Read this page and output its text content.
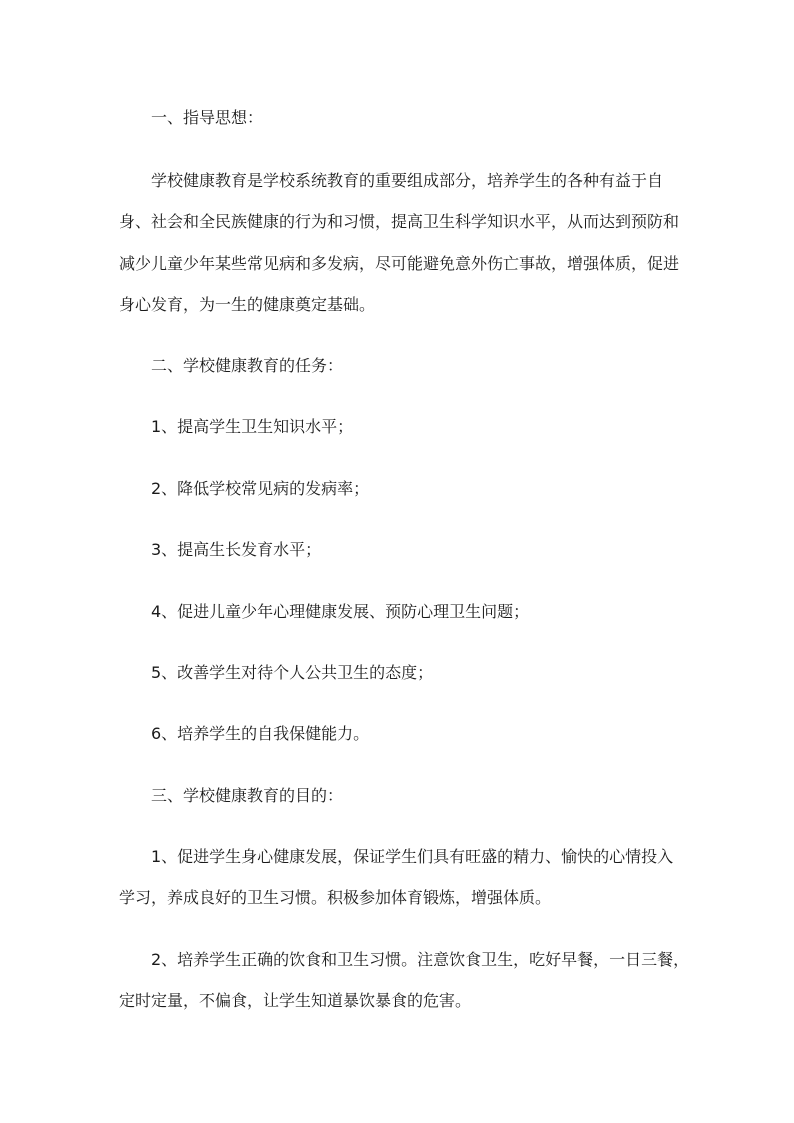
一、指导思想：
学校健康教育是学校系统教育的重要组成部分，培养学生的各种有益于自
身、社会和全民族健康的行为和习惯，提高卫生科学知识水平，从而达到预防和
减少儿童少年某些常见病和多发病，尽可能避免意外伤亡事故，增强体质，促进
身心发育，为一生的健康奠定基础。
二、学校健康教育的任务：
1、提高学生卫生知识水平；
2、降低学校常见病的发病率；
3、提高生长发育水平；
4、促进儿童少年心理健康发展、预防心理卫生问题；
5、改善学生对待个人公共卫生的态度；
6、培养学生的自我保健能力。
三、学校健康教育的目的：
1、促进学生身心健康发展，保证学生们具有旺盛的精力、愉快的心情投入
学习，养成良好的卫生习惯。积极参加体育锻炼，增强体质。
2、培养学生正确的饮食和卫生习惯。注意饮食卫生，吃好早餐，一日三餐，
定时定量，不偏食，让学生知道暴饮暴食的危害。
